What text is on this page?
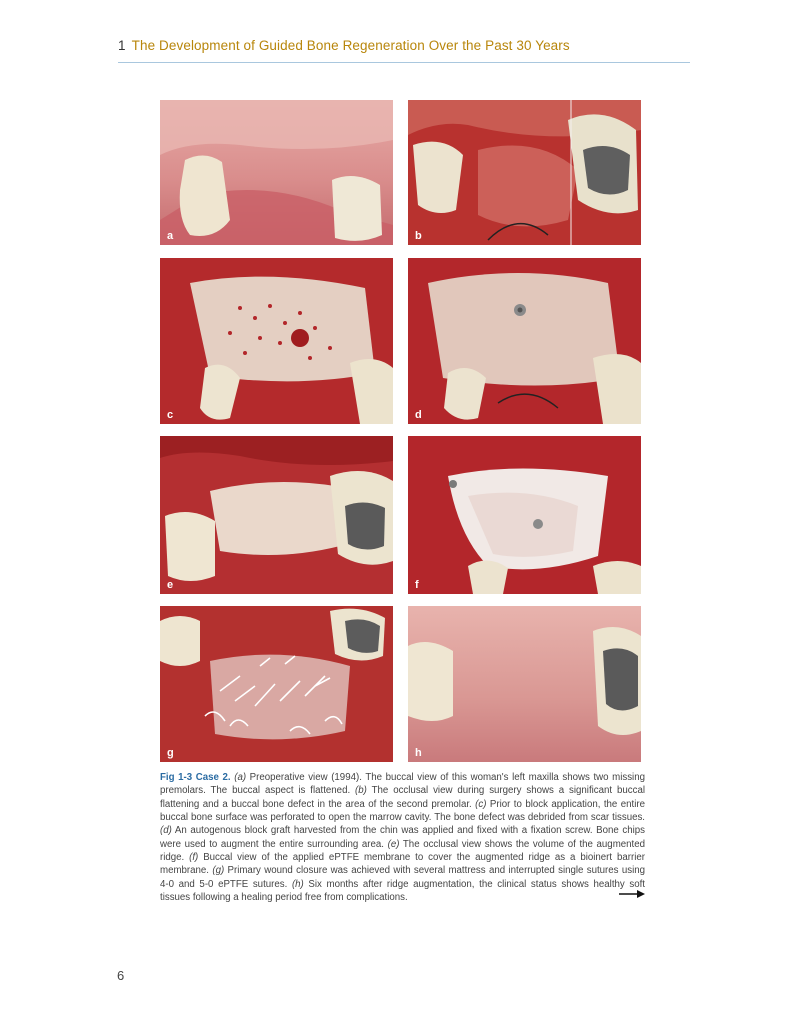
1 The Development of Guided Bone Regeneration Over the Past 30 Years
a	b
c	d
e	f
g	h
Fig 1-3 Case 2. (a) Preoperative view (1994). The buccal view of this woman's left maxilla shows two missing premolars. The buccal aspect is flattened. (b) The occlusal view during surgery shows a significant buccal flattening and a buccal bone defect in the area of the second premolar. (c) Prior to block application, the entire buccal bone surface was perforated to open the marrow cavity. The bone defect was debrided from scar tissues. (d) An autogenous block graft harvested from the chin was applied and fixed with a fixation screw. Bone chips were used to augment the entire surrounding area. (e) The occlusal view shows the volume of the augmented ridge. (f) Buccal view of the applied ePTFE membrane to cover the augmented ridge as a bioinert barrier membrane. (g) Primary wound closure was achieved with several mattress and interrupted single sutures using 4-0 and 5-0 ePTFE sutures. (h) Six months after ridge augmentation, the clinical status shows healthy soft tissues following a healing period free from complications.
6
